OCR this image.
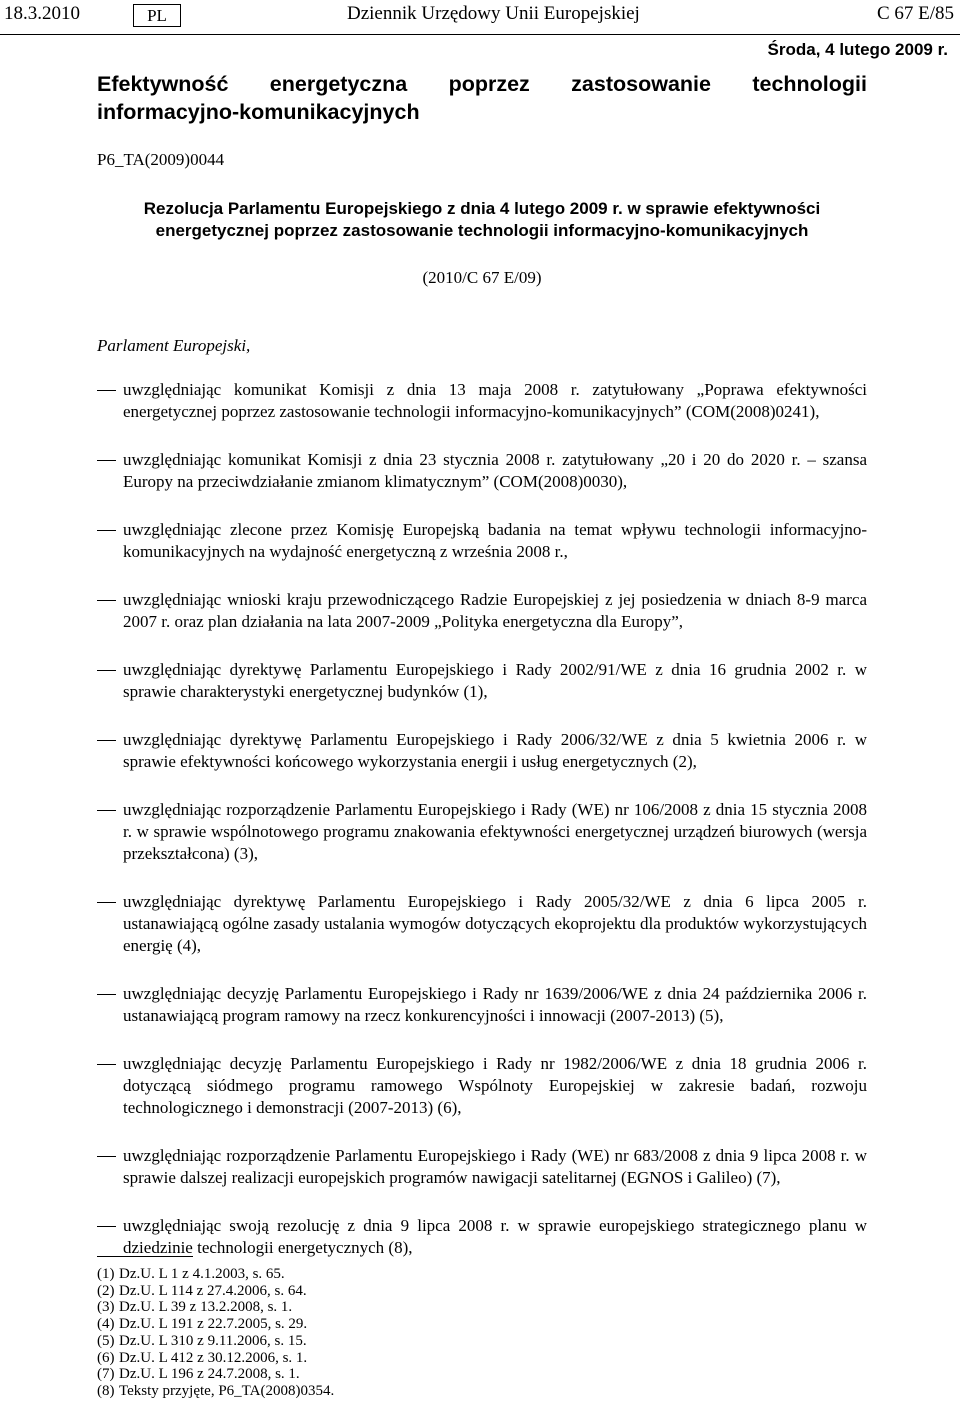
18.3.2010	PL	Dziennik Urzędowy Unii Europejskiej	C 67 E/85
Środa, 4 lutego 2009 r.
Efektywność energetyczna poprzez zastosowanie technologii informacyjno-komunikacyjnych
P6_TA(2009)0044
Rezolucja Parlamentu Europejskiego z dnia 4 lutego 2009 r. w sprawie efektywności energetycznej poprzez zastosowanie technologii informacyjno-komunikacyjnych
(2010/C 67 E/09)
Parlament Europejski,
uwzględniając komunikat Komisji z dnia 13 maja 2008 r. zatytułowany „Poprawa efektywności energetycznej poprzez zastosowanie technologii informacyjno-komunikacyjnych” (COM(2008)0241),
uwzględniając komunikat Komisji z dnia 23 stycznia 2008 r. zatytułowany „20 i 20 do 2020 r. – szansa Europy na przeciwdziałanie zmianom klimatycznym” (COM(2008)0030),
uwzględniając zlecone przez Komisję Europejską badania na temat wpływu technologii informacyjno-komunikacyjnych na wydajność energetyczną z września 2008 r.,
uwzględniając wnioski kraju przewodniczącego Radzie Europejskiej z jej posiedzenia w dniach 8-9 marca 2007 r. oraz plan działania na lata 2007-2009 „Polityka energetyczna dla Europy”,
uwzględniając dyrektywę Parlamentu Europejskiego i Rady 2002/91/WE z dnia 16 grudnia 2002 r. w sprawie charakterystyki energetycznej budynków (1),
uwzględniając dyrektywę Parlamentu Europejskiego i Rady 2006/32/WE z dnia 5 kwietnia 2006 r. w sprawie efektywności końcowego wykorzystania energii i usług energetycznych (2),
uwzględniając rozporządzenie Parlamentu Europejskiego i Rady (WE) nr 106/2008 z dnia 15 stycznia 2008 r. w sprawie wspólnotowego programu znakowania efektywności energetycznej urządzeń biurowych (wersja przekształcona) (3),
uwzględniając dyrektywę Parlamentu Europejskiego i Rady 2005/32/WE z dnia 6 lipca 2005 r. ustanawiającą ogólne zasady ustalania wymogów dotyczących ekoprojektu dla produktów wykorzystujących energię (4),
uwzględniając decyzję Parlamentu Europejskiego i Rady nr 1639/2006/WE z dnia 24 października 2006 r. ustanawiającą program ramowy na rzecz konkurencyjności i innowacji (2007-2013) (5),
uwzględniając decyzję Parlamentu Europejskiego i Rady nr 1982/2006/WE z dnia 18 grudnia 2006 r. dotyczącą siódmego programu ramowego Wspólnoty Europejskiej w zakresie badań, rozwoju technologicznego i demonstracji (2007-2013) (6),
uwzględniając rozporządzenie Parlamentu Europejskiego i Rady (WE) nr 683/2008 z dnia 9 lipca 2008 r. w sprawie dalszej realizacji europejskich programów nawigacji satelitarnej (EGNOS i Galileo) (7),
uwzględniając swoją rezolucję z dnia 9 lipca 2008 r. w sprawie europejskiego strategicznego planu w dziedzinie technologii energetycznych (8),
(1) Dz.U. L 1 z 4.1.2003, s. 65.
(2) Dz.U. L 114 z 27.4.2006, s. 64.
(3) Dz.U. L 39 z 13.2.2008, s. 1.
(4) Dz.U. L 191 z 22.7.2005, s. 29.
(5) Dz.U. L 310 z 9.11.2006, s. 15.
(6) Dz.U. L 412 z 30.12.2006, s. 1.
(7) Dz.U. L 196 z 24.7.2008, s. 1.
(8) Teksty przyjęte, P6_TA(2008)0354.
